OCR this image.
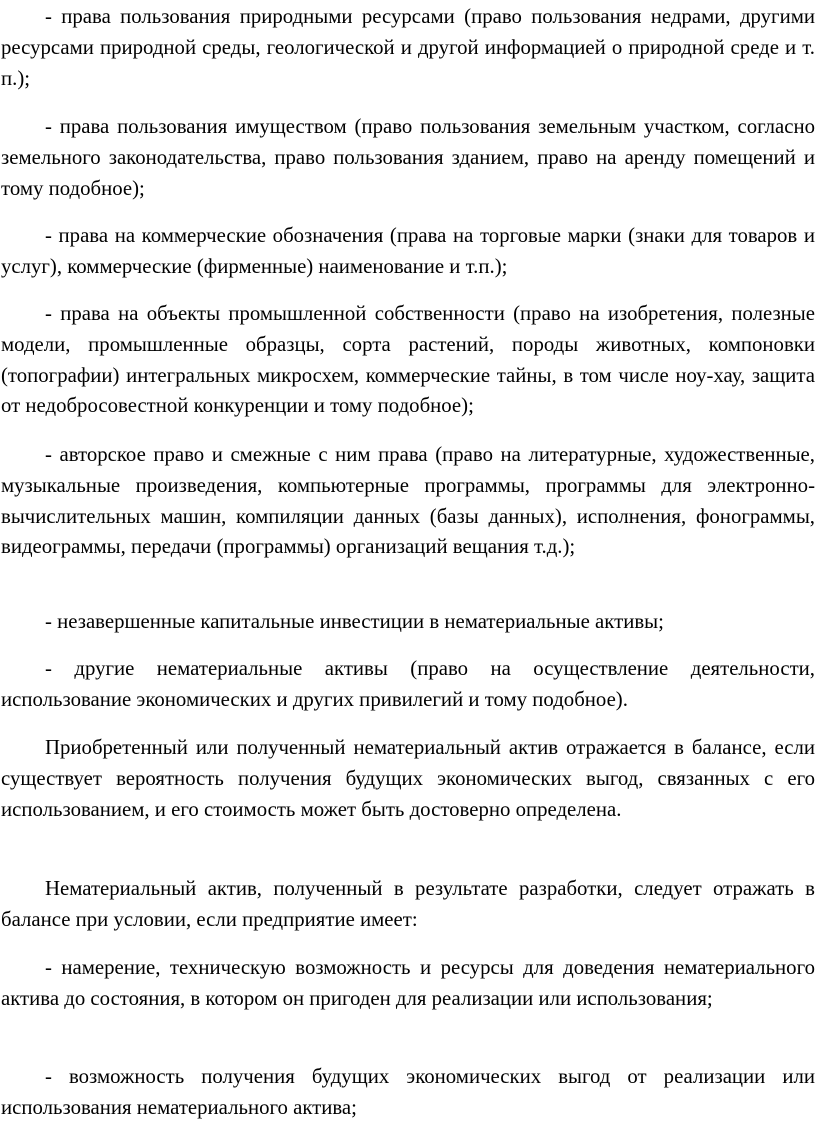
- права пользования природными ресурсами (право пользования недрами, другими ресурсами природной среды, геологической и другой информацией о природной среде и т. п.);

- права пользования имуществом (право пользования земельным участком, согласно земельного законодательства, право пользования зданием, право на аренду помещений и тому подобное);

- права на коммерческие обозначения (права на торговые марки (знаки для товаров и услуг), коммерческие (фирменные) наименование и т.п.);

- права на объекты промышленной собственности (право на изобретения, полезные модели, промышленные образцы, сорта растений, породы животных, компоновки (топографии) интегральных микросхем, коммерческие тайны, в том числе ноу-хау, защита от недобросовестной конкуренции и тому подобное);

- авторское право и смежные с ним права (право на литературные, художественные, музыкальные произведения, компьютерные программы, программы для электронно-вычислительных машин, компиляции данных (базы данных), исполнения, фонограммы, видеограммы, передачи (программы) организаций вещания т.д.);

- незавершенные капитальные инвестиции в нематериальные активы;

- другие нематериальные активы (право на осуществление деятельности, использование экономических и других привилегий и тому подобное).

Приобретенный или полученный нематериальный актив отражается в балансе, если существует вероятность получения будущих экономических выгод, связанных с его использованием, и его стоимость может быть достоверно определена.

Нематериальный актив, полученный в результате разработки, следует отражать в балансе при условии, если предприятие имеет:

- намерение, техническую возможность и ресурсы для доведения нематериального актива до состояния, в котором он пригоден для реализации или использования;

- возможность получения будущих экономических выгод от реализации или использования нематериального актива;
